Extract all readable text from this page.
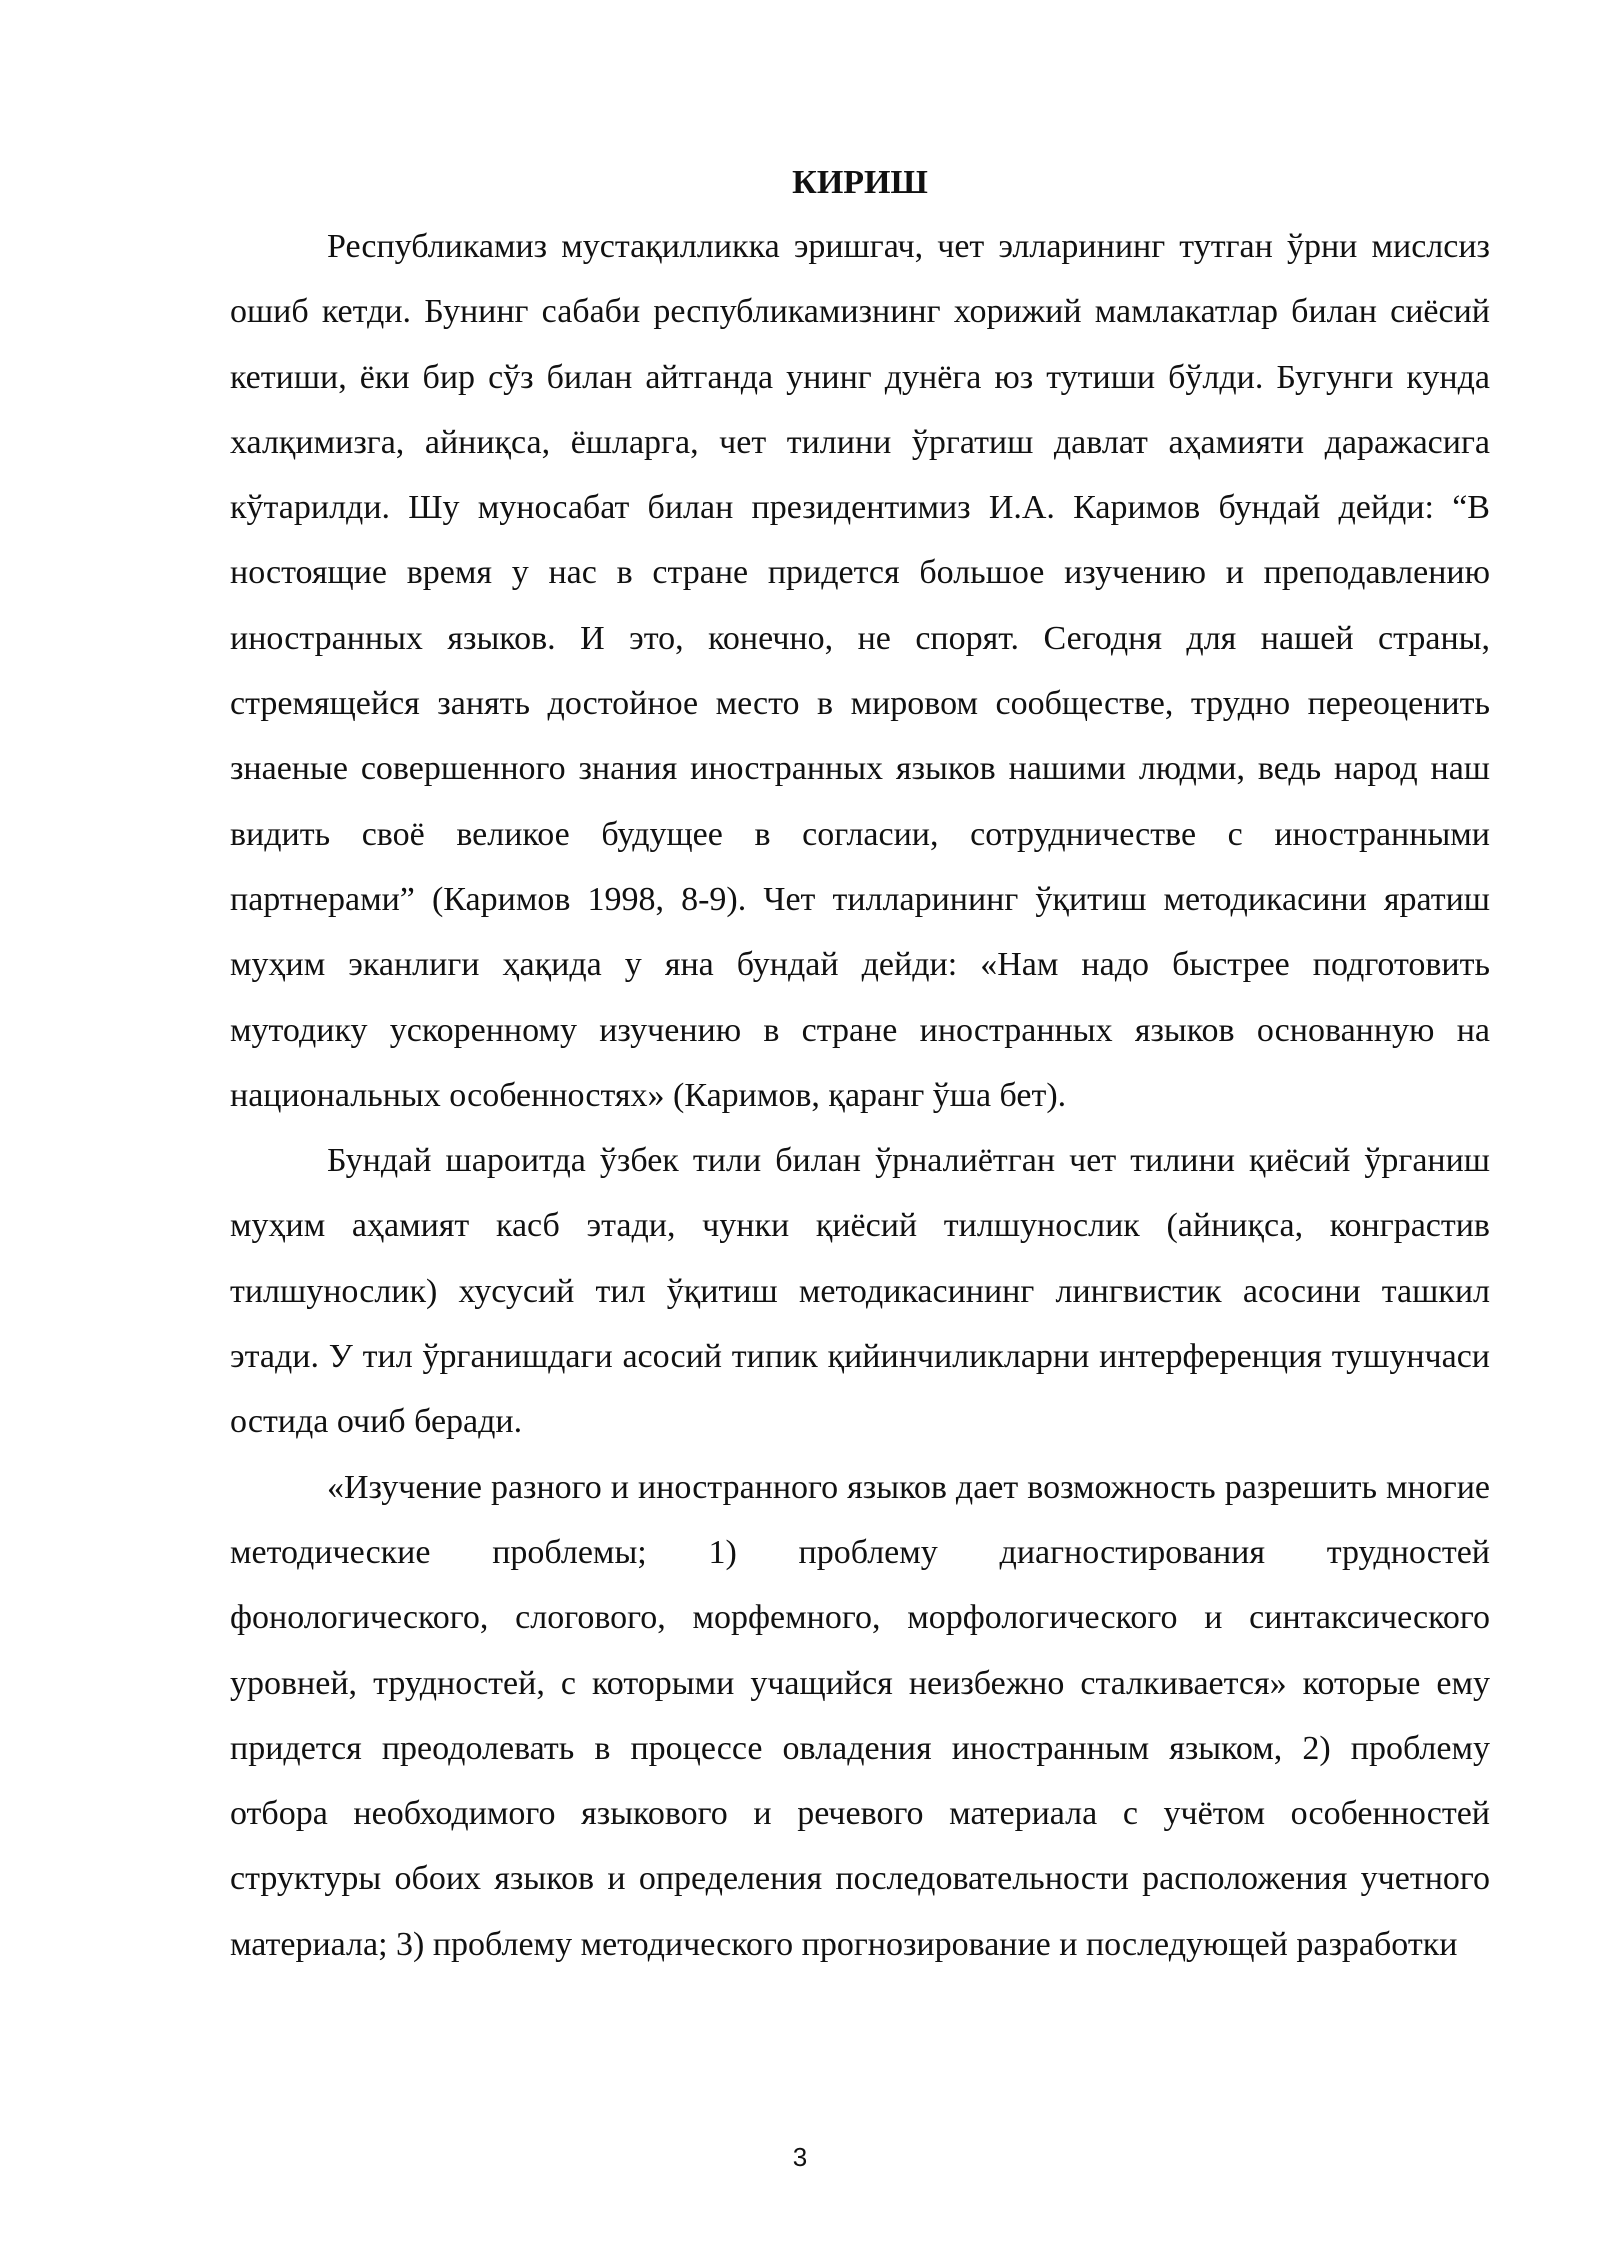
КИРИШ

Республикамиз мустақилликка эришгач, чет элларининг тутган ўрни мислсиз ошиб кетди. Бунинг сабаби республикамизнинг хорижий мамлакатлар билан сиёсий кетиши, ёки бир сўз билан айтганда унинг дунёга юз тутиши бўлди. Бугунги кунда халқимизга, айниқса, ёшларга, чет тилини ўргатиш давлат аҳамияти даражасига кўтарилди. Шу муносабат билан президентимиз И.А. Каримов бундай дейди: “В ностоящие время у нас в стране придется большое изучению и преподавлению иностранных языков. И это, конечно, не спорят. Сегодня для нашей страны, стремящейся занять достойное место в мировом сообществе, трудно переоценить знаеные совершенного знания иностранных языков нашими людми, ведь народ наш видить своё великое будущее в согласии, сотрудничестве с иностранными партнерами” (Каримов 1998, 8-9). Чет тилларининг ўқитиш методикасини яратиш муҳим эканлиги ҳақида у яна бундай дейди: «Нам надо быстрее подготовить мутодику ускоренному изучению в стране иностранных языков основанную на национальных особенностях» (Каримов, қаранг ўша бет).

Бундай шароитда ўзбек тили билан ўрналиётган чет тилини қиёсий ўрганиш муҳим аҳамият касб этади, чунки қиёсий тилшунослик (айниқса, конграстив тилшунослик) хусусий тил ўқитиш методикасининг лингвистик асосини ташкил этади. У тил ўрганишдаги асосий типик қийинчиликларни интерференция тушунчаси остида очиб беради.

«Изучение разного и иностранного языков дает возможность разрешить многие методические проблемы; 1) проблему диагностирования трудностей фонологического, слогового, морфемного, морфологического и синтаксического уровней, трудностей, с которыми учащийся неизбежно сталкивается» которые ему придется преодолевать в процессе овладения иностранным языком, 2) проблему отбора необходимого языкового и речевого материала с учётом особенностей структуры обоих языков и определения последовательности расположения учетного материала; 3) проблему методического прогнозирование и последующей разработки

3
